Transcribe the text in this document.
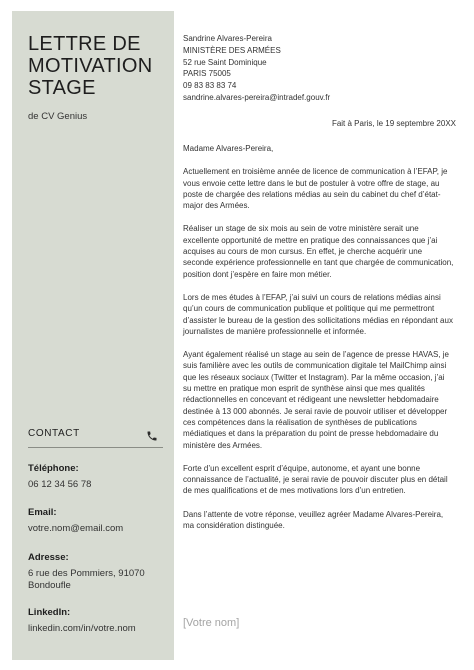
LETTRE DE
MOTIVATION
STAGE
de CV Genius
CONTACT
Téléphone:
06 12 34 56 78
Email:
votre.nom@email.com
Adresse:
6 rue des Pommiers, 91070 Bondoufle
LinkedIn:
linkedin.com/in/votre.nom
Sandrine Alvares-Pereira
MINISTÈRE DES ARMÉES
52 rue Saint Dominique
PARIS 75005
09 83 83 83 74
sandrine.alvares-pereira@intradef.gouv.fr
Fait à Paris, le 19 septembre 20XX

Madame Alvares-Pereira,

Actuellement en troisième année de licence de communication à l’EFAP, je vous envoie cette lettre dans le but de postuler à votre offre de stage, au poste de chargée des relations médias au sein du cabinet du chef d’état-major des Armées.

Réaliser un stage de six mois au sein de votre ministère serait une excellente opportunité de mettre en pratique des connaissances que j’ai acquises au cours de mon cursus. En effet, je cherche acquérir une seconde expérience professionnelle en tant que chargée de communication, position dont j’espère en faire mon métier.

Lors de mes études à l’EFAP, j’ai suivi un cours de relations médias ainsi qu’un cours de communication publique et politique qui me permettront d’assister le bureau de la gestion des sollicitations médias en répondant aux journalistes de manière professionnelle et informée.

Ayant également réalisé un stage au sein de l’agence de presse HAVAS, je suis familière avec les outils de communication digitale tel MailChimp ainsi que les réseaux sociaux (Twitter et Instagram). Par la même occasion, j’ai su mettre en pratique mon esprit de synthèse ainsi que mes qualités rédactionnelles en concevant et rédigeant une newsletter hebdomadaire destinée à 13 000 abonnés. Je serai ravie de pouvoir utiliser et développer ces compétences dans la réalisation de synthèses de publications médiatiques et dans la préparation du point de presse hebdomadaire du ministère des Armées.

Forte d’un excellent esprit d’équipe, autonome, et ayant une bonne connaissance de l’actualité, je serai ravie de pouvoir discuter plus en détail de mes qualifications et de mes motivations lors d’un entretien.

Dans l’attente de votre réponse, veuillez agréer Madame Alvares-Pereira, ma considération distinguée.

[Votre nom]
